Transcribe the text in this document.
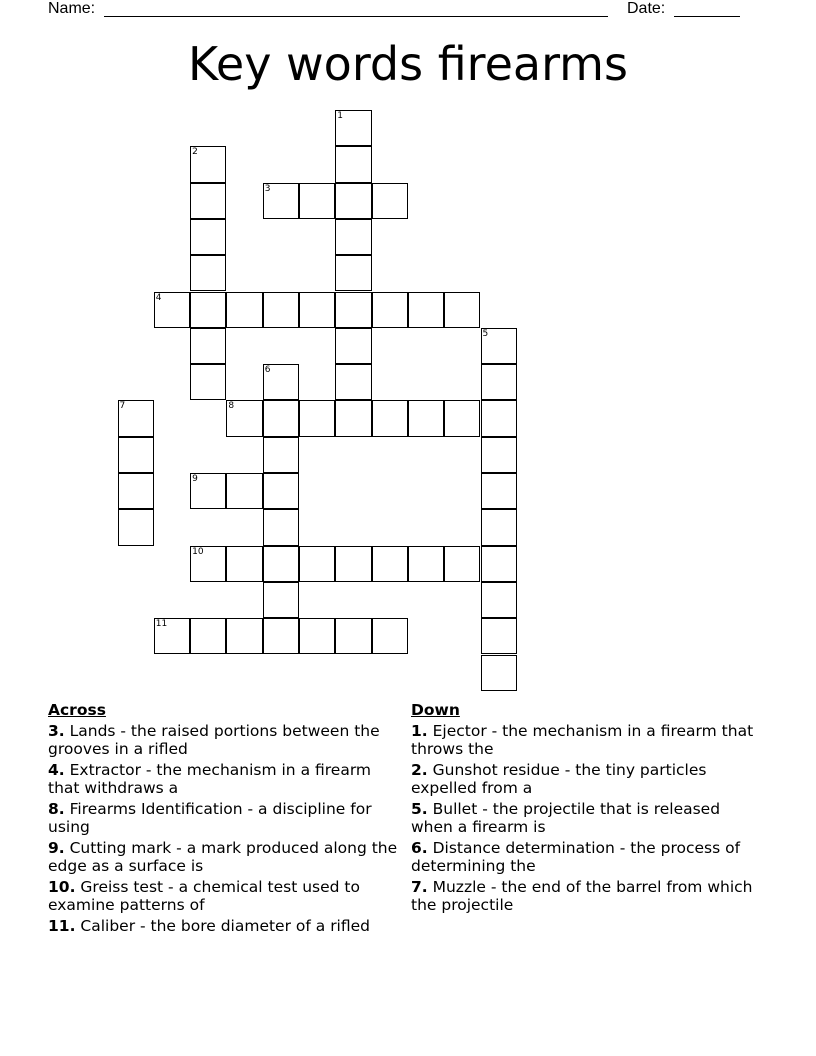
Name:	Date:
Key words firearms
1
2
3
4
5
6
7	8
9
10
11
Across
3. Lands - the raised portions between the grooves in a rifled
4. Extractor - the mechanism in a firearm that withdraws a
8. Firearms Identification - a discipline for using
9. Cutting mark - a mark produced along the edge as a surface is
10. Greiss test - a chemical test used to examine patterns of
11. Caliber - the bore diameter of a rifled
Down
1. Ejector - the mechanism in a firearm that throws the
2. Gunshot residue - the tiny particles expelled from a
5. Bullet - the projectile that is released when a firearm is
6. Distance determination - the process of determining the
7. Muzzle - the end of the barrel from which the projectile
